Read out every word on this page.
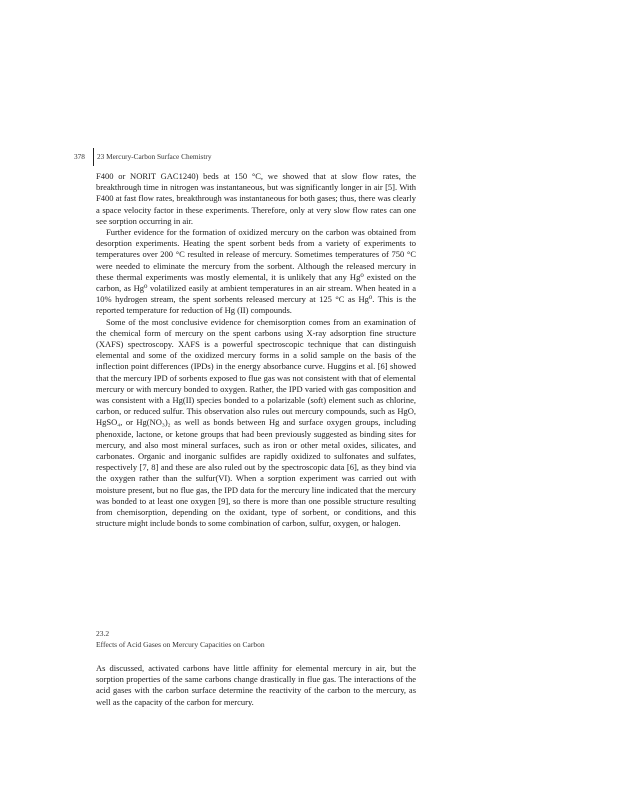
378 23 Mercury-Carbon Surface Chemistry

F400 or NORIT GAC1240) beds at 150 °C, we showed that at slow flow rates, the breakthrough time in nitrogen was instantaneous, but was significantly longer in air [5]. With F400 at fast flow rates, breakthrough was instantaneous for both gases; thus, there was clearly a space velocity factor in these experiments. Therefore, only at very slow flow rates can one see sorption occurring in air.

Further evidence for the formation of oxidized mercury on the carbon was obtained from desorption experiments. Heating the spent sorbent beds from a variety of experiments to temperatures over 200 °C resulted in release of mercury. Sometimes temperatures of 750 °C were needed to eliminate the mercury from the sorbent. Although the released mercury in these thermal experiments was mostly elemental, it is unlikely that any Hg⁰ existed on the carbon, as Hg⁰ volatilized easily at ambient temperatures in an air stream. When heated in a 10% hydrogen stream, the spent sorbents released mercury at 125 °C as Hg⁰. This is the reported temperature for reduction of Hg (II) compounds.

Some of the most conclusive evidence for chemisorption comes from an examination of the chemical form of mercury on the spent carbons using X-ray adsorption fine structure (XAFS) spectroscopy. XAFS is a powerful spectroscopic technique that can distinguish elemental and some of the oxidized mercury forms in a solid sample on the basis of the inflection point differences (IPDs) in the energy absorbance curve. Huggins et al. [6] showed that the mercury IPD of sorbents exposed to flue gas was not consistent with that of elemental mercury or with mercury bonded to oxygen. Rather, the IPD varied with gas composition and was consistent with a Hg(II) species bonded to a polarizable (soft) element such as chlorine, carbon, or reduced sulfur. This observation also rules out mercury compounds, such as HgO, HgSO₄, or Hg(NO₃)₂ as well as bonds between Hg and surface oxygen groups, including phenoxide, lactone, or ketone groups that had been previously suggested as binding sites for mercury, and also most mineral surfaces, such as iron or other metal oxides, silicates, and carbonates. Organic and inorganic sulfides are rapidly oxidized to sulfonates and sulfates, respectively [7, 8] and these are also ruled out by the spectroscopic data [6], as they bind via the oxygen rather than the sulfur(VI). When a sorption experiment was carried out with moisture present, but no flue gas, the IPD data for the mercury line indicated that the mercury was bonded to at least one oxygen [9], so there is more than one possible structure resulting from chemisorption, depending on the oxidant, type of sorbent, or conditions, and this structure might include bonds to some combination of carbon, sulfur, oxygen, or halogen.

23.2
Effects of Acid Gases on Mercury Capacities on Carbon

As discussed, activated carbons have little affinity for elemental mercury in air, but the sorption properties of the same carbons change drastically in flue gas. The interactions of the acid gases with the carbon surface determine the reactivity of the carbon to the mercury, as well as the capacity of the carbon for mercury.
